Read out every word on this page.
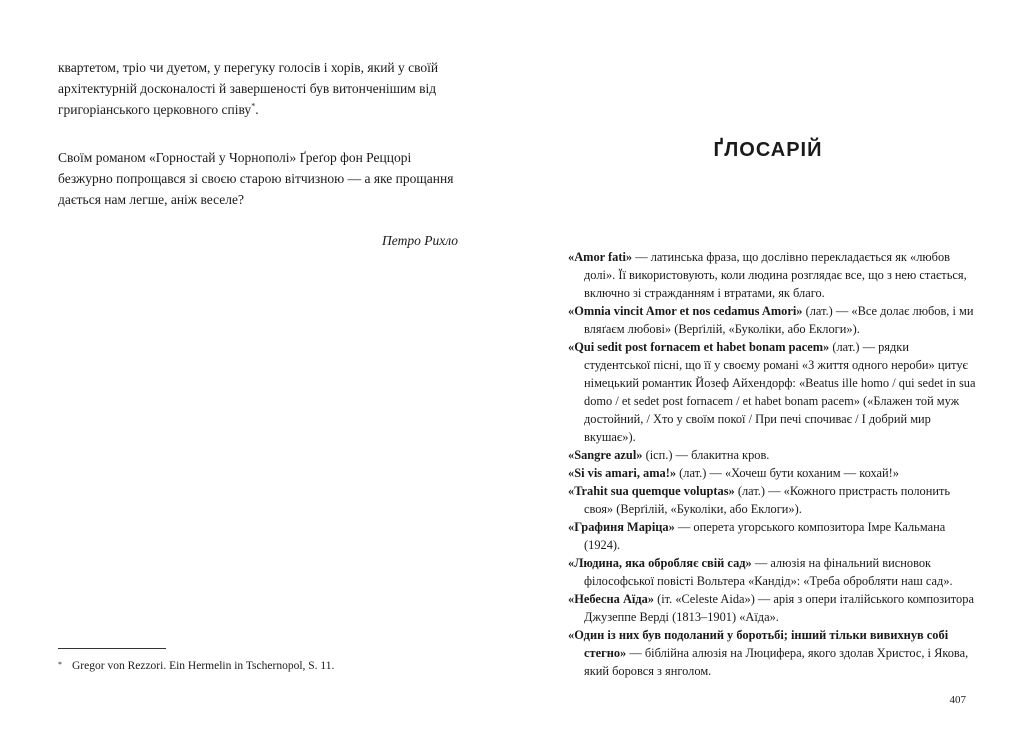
квартетом, тріо чи дуетом, у перегуку голосів і хорів, який у своїй архітектурній досконалості й завершеності був витонченішим від григоріанського церковного співу*.

Своїм романом «Горностай у Чорнополі» Ґреґор фон Реццорі безжурно попрощався зі своєю старою вітчизною — а яке прощання дається нам легше, аніж веселе?

Петро Рихло

* Gregor von Rezzori. Ein Hermelin in Tschernopol, S. 11.

ҐЛОСАРІЙ
«Amor fati» — латинська фраза, що дослівно перекладається як «любов долі». Її використовують, коли людина розглядає все, що з нею стається, включно зі стражданням і втратами, як благо.
«Omnia vincit Amor et nos cedamus Amori» (лат.) — «Все долає любов, і ми вляґаєм любові» (Верґілій, «Буколіки, або Еклоги»).
«Qui sedit post fornacem et habet bonam pacem» (лат.) — рядки студентської пісні, що її у своєму романі «З життя одного нероби» цитує німецький романтик Йозеф Айхендорф: «Beatus ille homo / qui sedet in sua domo / et sedet post fornacem / et habet bonam pacem» («Блажен той муж достойний, / Хто у своїм покої / При печі спочиває / І добрий мир вкушає»).
«Sangre azul» (ісп.) — блакитна кров.
«Si vis amari, ama!» (лат.) — «Хочеш бути коханим — кохай!»
«Trahit sua quemque voluptas» (лат.) — «Кожного пристрасть полонить своя» (Верґілій, «Буколіки, або Еклоги»).
«Графиня Маріца» — оперета угорського композитора Імре Кальмана (1924).
«Людина, яка обробляє свій сад» — алюзія на фінальний висновок філософської повісті Вольтера «Кандід»: «Треба обробляти наш сад».
«Небесна Аїда» (іт. «Celeste Aida») — арія з опери італійського композитора Джузеппе Верді (1813–1901) «Аїда».
«Один із них був подоланий у боротьбі; інший тільки вивихнув собі стегно» — біблійна алюзія на Люцифера, якого здолав Христос, і Якова, який боровся з янголом.

407
